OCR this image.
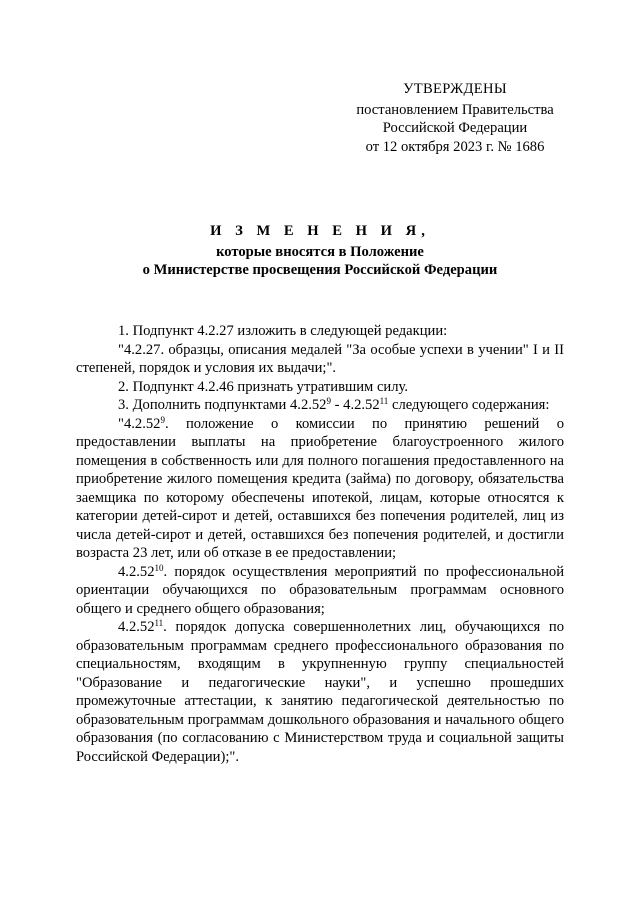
УТВЕРЖДЕНЫ
постановлением Правительства
Российской Федерации
от 12 октября 2023 г. № 1686
И З М Е Н Е Н И Я,
которые вносятся в Положение
о Министерстве просвещения Российской Федерации

1. Подпункт 4.2.27 изложить в следующей редакции:

"4.2.27. образцы, описания медалей "За особые успехи в учении" I и II степеней, порядок и условия их выдачи;".

2. Подпункт 4.2.46 признать утратившим силу.

3. Дополнить подпунктами 4.2.52$^9$ - 4.2.52$^{11}$ следующего содержания:

"4.2.52$^9$. положение о комиссии по принятию решений о предоставлении выплаты на приобретение благоустроенного жилого помещения в собственность или для полного погашения предоставленного на приобретение жилого помещения кредита (займа) по договору, обязательства заемщика по которому обеспечены ипотекой, лицам, которые относятся к категории детей-сирот и детей, оставшихся без попечения родителей, лиц из числа детей-сирот и детей, оставшихся без попечения родителей, и достигли возраста 23 лет, или об отказе в ее предоставлении;

4.2.52$^{10}$. порядок осуществления мероприятий по профессиональной ориентации обучающихся по образовательным программам основного общего и среднего общего образования;

4.2.52$^{11}$. порядок допуска совершеннолетних лиц, обучающихся по образовательным программам среднего профессионального образования по специальностям, входящим в укрупненную группу специальностей "Образование и педагогические науки", и успешно прошедших промежуточные аттестации, к занятию педагогической деятельностью по образовательным программам дошкольного образования и начального общего образования (по согласованию с Министерством труда и социальной защиты Российской Федерации);".
